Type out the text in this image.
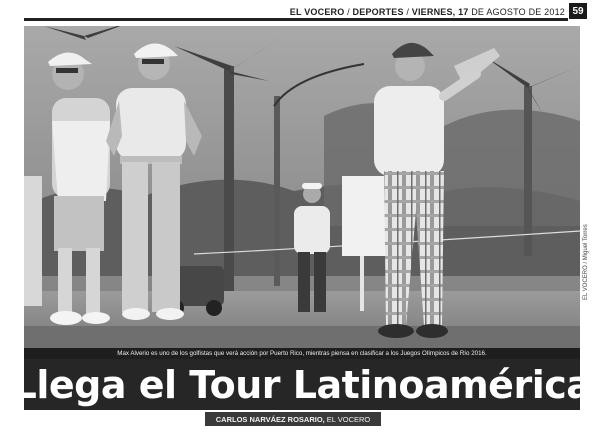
EL VOCERO / DEPORTES / VIERNES, 17 DE AGOSTO DE 2012 59
EL VOCERO / Miguel Torres
Max Alverio es uno de los golfistas que verá acción por Puerto Rico, mientras piensa en clasificar a los Juegos Olímpicos de Río 2016.
Llega el Tour Latinoamérica
CARLOS NARVÁEZ ROSARIO, EL VOCERO
